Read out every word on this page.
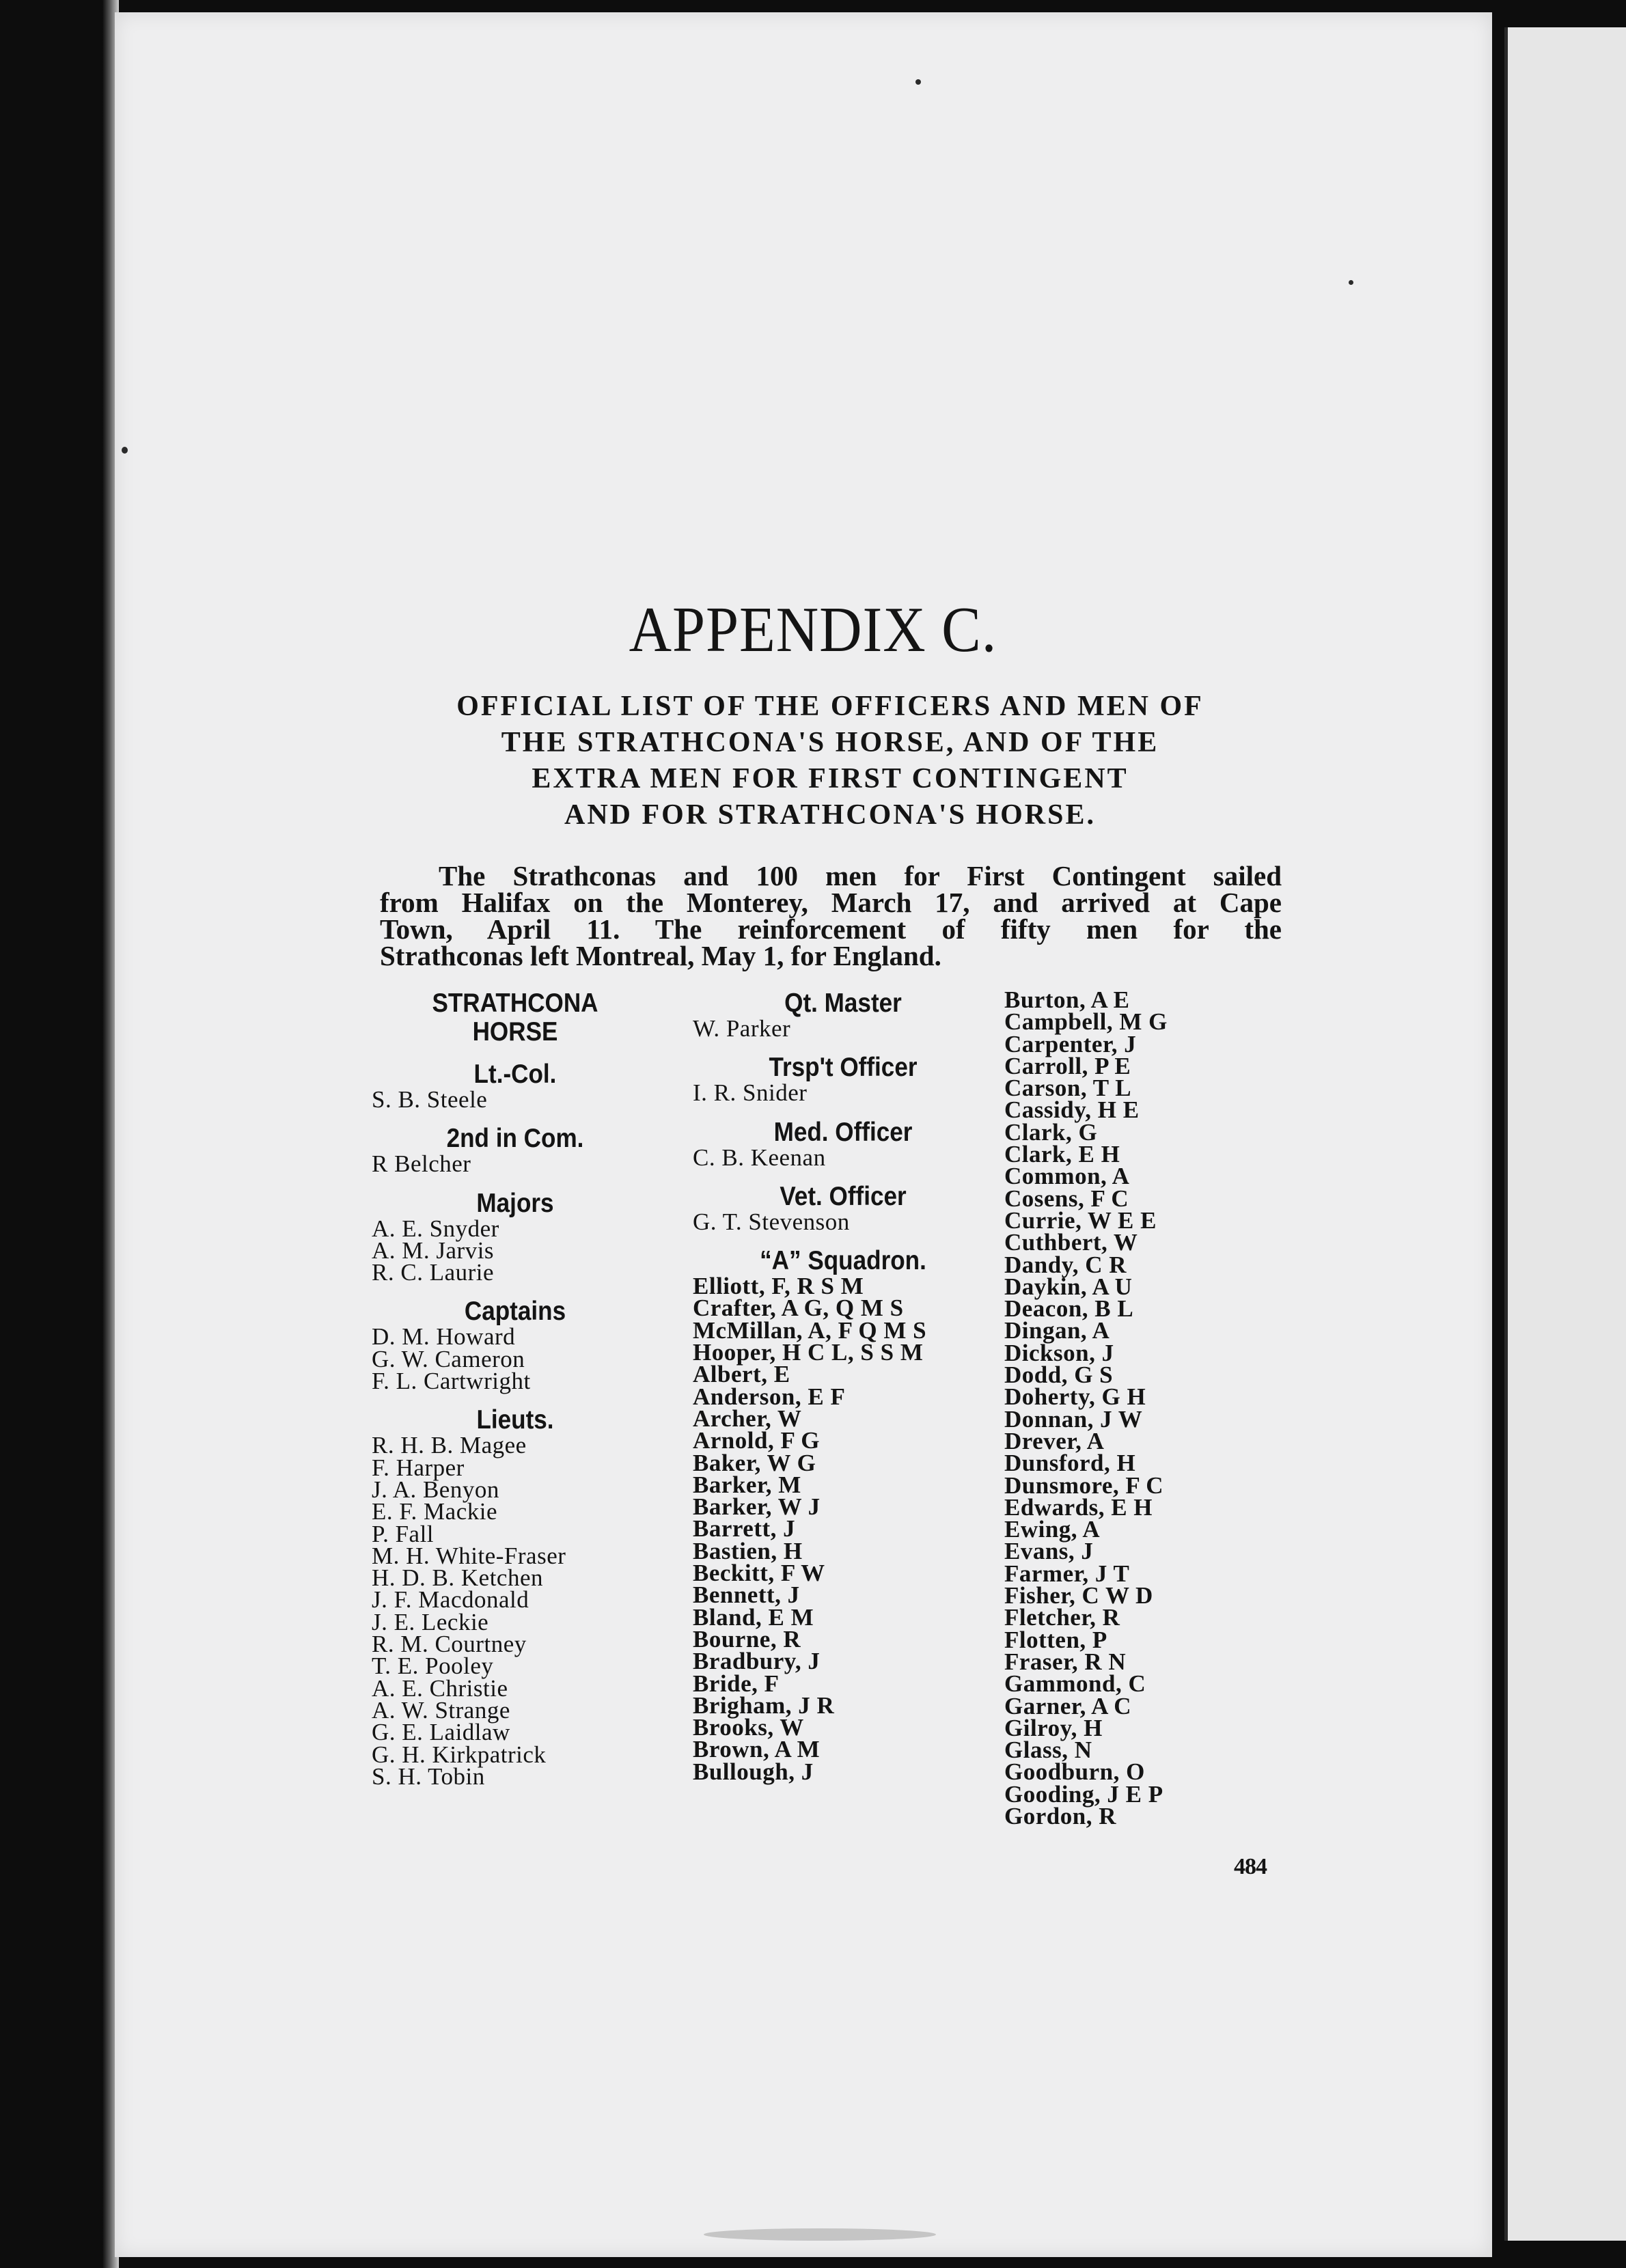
APPENDIX C.
OFFICIAL LIST OF THE OFFICERS AND MEN OF
THE STRATHCONA'S HORSE, AND OF THE
EXTRA MEN FOR FIRST CONTINGENT
AND FOR STRATHCONA'S HORSE.
The Strathconas and 100 men for First Contingent sailed
from Halifax on the Monterey, March 17, and arrived at Cape
Town, April 11. The reinforcement of fifty men for the
Strathconas left Montreal, May 1, for England.
STRATHCONA
HORSE
Lt.-Col.
S. B. Steele
2nd in Com.
R Belcher
Majors
A. E. Snyder
A. M. Jarvis
R. C. Laurie
Captains
D. M. Howard
G. W. Cameron
F. L. Cartwright
Lieuts.
R. H. B. Magee
F. Harper
J. A. Benyon
E. F. Mackie
P. Fall
M. H. White-Fraser
H. D. B. Ketchen
J. F. Macdonald
J. E. Leckie
R. M. Courtney
T. E. Pooley
A. E. Christie
A. W. Strange
G. E. Laidlaw
G. H. Kirkpatrick
S. H. Tobin
Qt. Master
W. Parker
Trsp't Officer
I. R. Snider
Med. Officer
C. B. Keenan
Vet. Officer
G. T. Stevenson
“A” Squadron.
Elliott, F, R S M
Crafter, A G, Q M S
McMillan, A, F Q M S
Hooper, H C L, S S M
Albert, E
Anderson, E F
Archer, W
Arnold, F G
Baker, W G
Barker, M
Barker, W J
Barrett, J
Bastien, H
Beckitt, F W
Bennett, J
Bland, E M
Bourne, R
Bradbury, J
Bride, F
Brigham, J R
Brooks, W
Brown, A M
Bullough, J
Burton, A E
Campbell, M G
Carpenter, J
Carroll, P E
Carson, T L
Cassidy, H E
Clark, G
Clark, E H
Common, A
Cosens, F C
Currie, W E E
Cuthbert, W
Dandy, C R
Daykin, A U
Deacon, B L
Dingan, A
Dickson, J
Dodd, G S
Doherty, G H
Donnan, J W
Drever, A
Dunsford, H
Dunsmore, F C
Edwards, E H
Ewing, A
Evans, J
Farmer, J T
Fisher, C W D
Fletcher, R
Flotten, P
Fraser, R N
Gammond, C
Garner, A C
Gilroy, H
Glass, N
Goodburn, O
Gooding, J E P
Gordon, R
484
